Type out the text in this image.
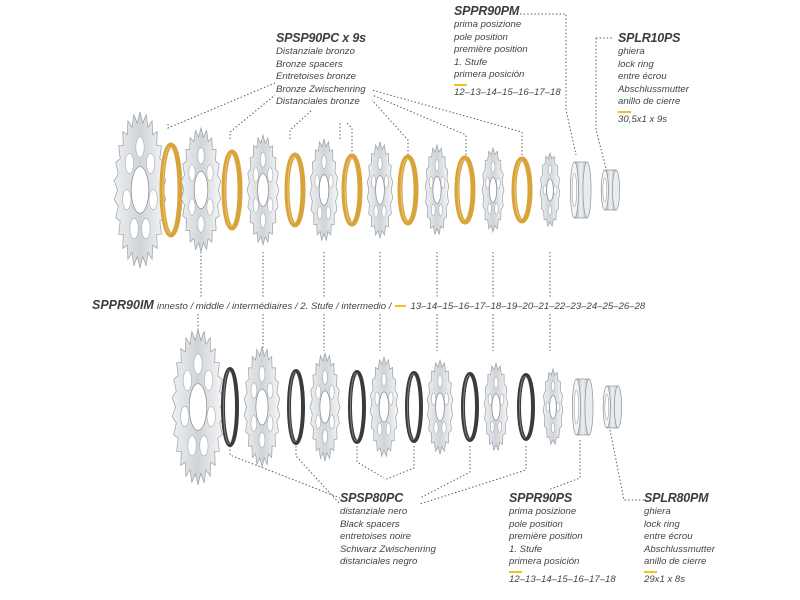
SPSP90PC x 9s
Distanziale bronzo
Bronze spacers
Entretoises bronze
Bronze Zwischenring
Distanciales bronze
SPPR90PM
prima posizione
pole position
première position
1. Stufe
primera posición
12–13–14–15–16–17–18
SPLR10PS
ghiera
lock ring
entre écrou
Abschlussmutter
anillo de cierre
30,5x1 x 9s
SPPR90IM innesto / middle / intermédiaires / 2. Stufe / intermedio / 13–14–15–16–17–18–19–20–21–22–23–24–25–26–28
SPSP80PC
distanziale nero
Black spacers
entretoises noire
Schwarz Zwischenring
distanciales negro
SPPR90PS
prima posizione
pole position
première position
1. Stufe
primera posición
12–13–14–15–16–17–18
SPLR80PM
ghiera
lock ring
entre écrou
Abschlussmutter
anillo de cierre
29x1 x 8s
